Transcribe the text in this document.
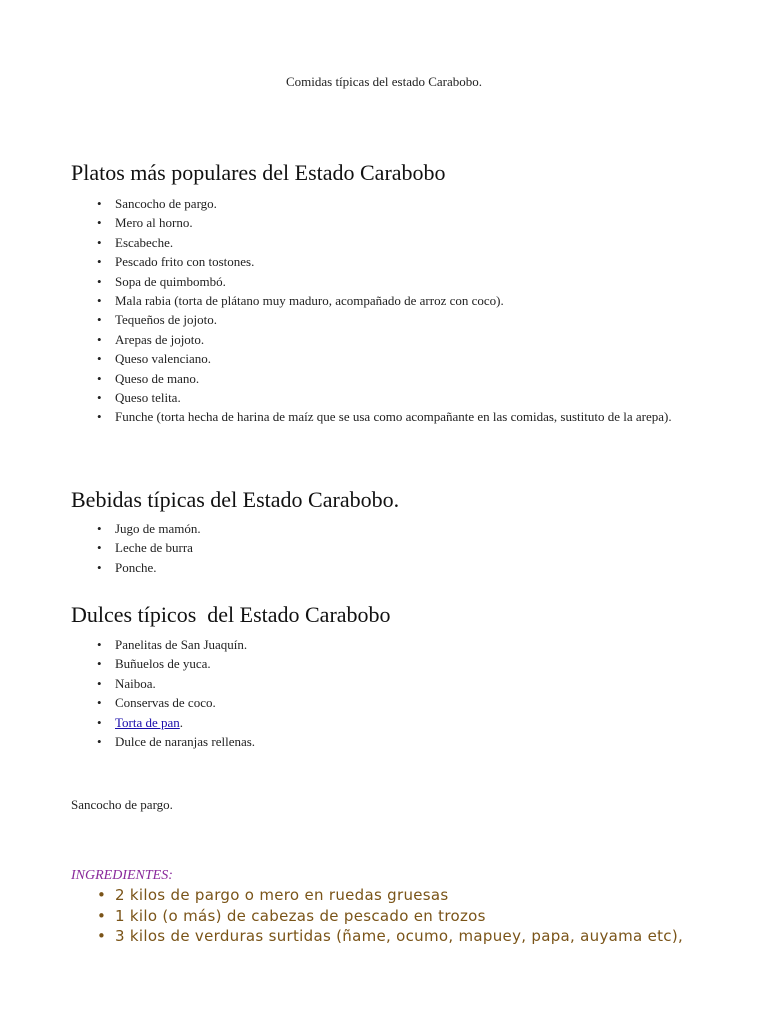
Comidas típicas del estado Carabobo.
Platos más populares del Estado Carabobo
• Sancocho de pargo.
• Mero al horno.
• Escabeche.
• Pescado frito con tostones.
• Sopa de quimbombó.
• Mala rabia (torta de plátano muy maduro, acompañado de arroz con coco).
• Tequeños de jojoto.
• Arepas de jojoto.
• Queso valenciano.
• Queso de mano.
• Queso telita.
• Funche (torta hecha de harina de maíz que se usa como acompañante en las comidas, sustituto de la arepa).
Bebidas típicas del Estado Carabobo.
• Jugo de mamón.
• Leche de burra
• Ponche.
Dulces típicos  del Estado Carabobo
• Panelitas de San Juaquín.
• Buñuelos de yuca.
• Naiboa.
• Conservas de coco.
• Torta de pan.
• Dulce de naranjas rellenas.
Sancocho de pargo.
INGREDIENTES:
• 2 kilos de pargo o mero en ruedas gruesas
• 1 kilo (o más) de cabezas de pescado en trozos
• 3 kilos de verduras surtidas (ñame, ocumo, mapuey, papa, auyama etc),
